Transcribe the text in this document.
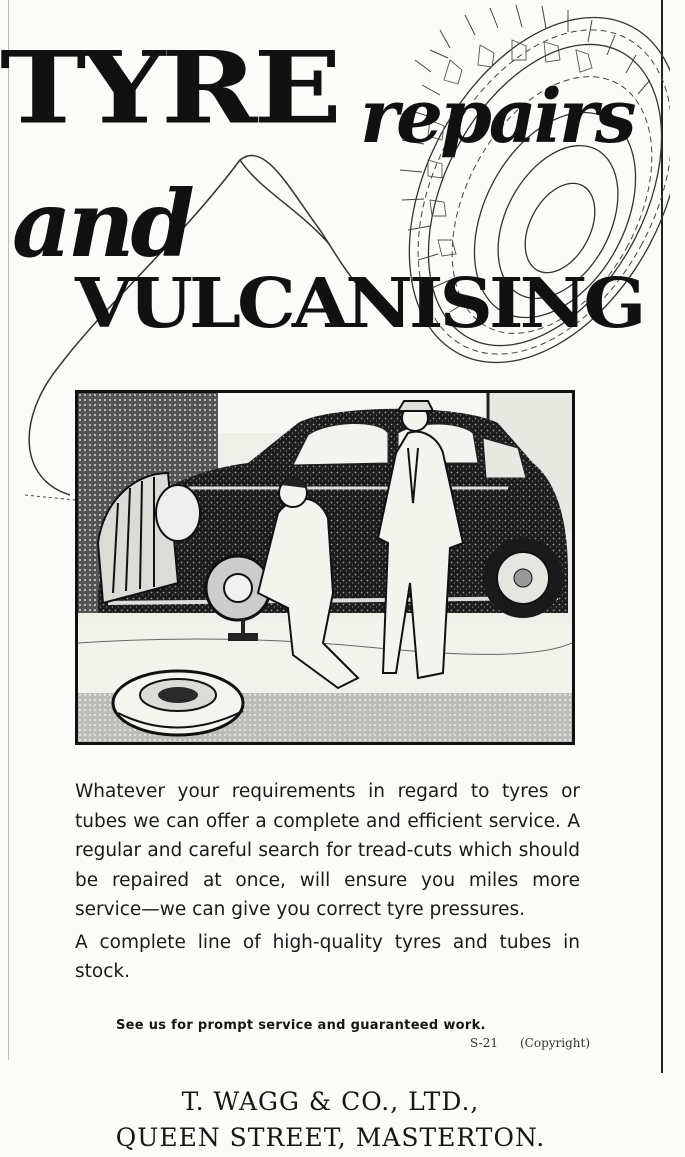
TYRE repairs
and
VULCANISING

Whatever your requirements in regard to tyres or tubes we can offer a complete and efficient service. A regular and careful search for tread-cuts which should be repaired at once, will ensure you miles more service—we can give you correct tyre pressures.

A complete line of high-quality tyres and tubes in stock.

See us for prompt service and guaranteed work.
S-21 (Copyright)
T. WAGG & CO., LTD.,
QUEEN STREET, MASTERTON.
